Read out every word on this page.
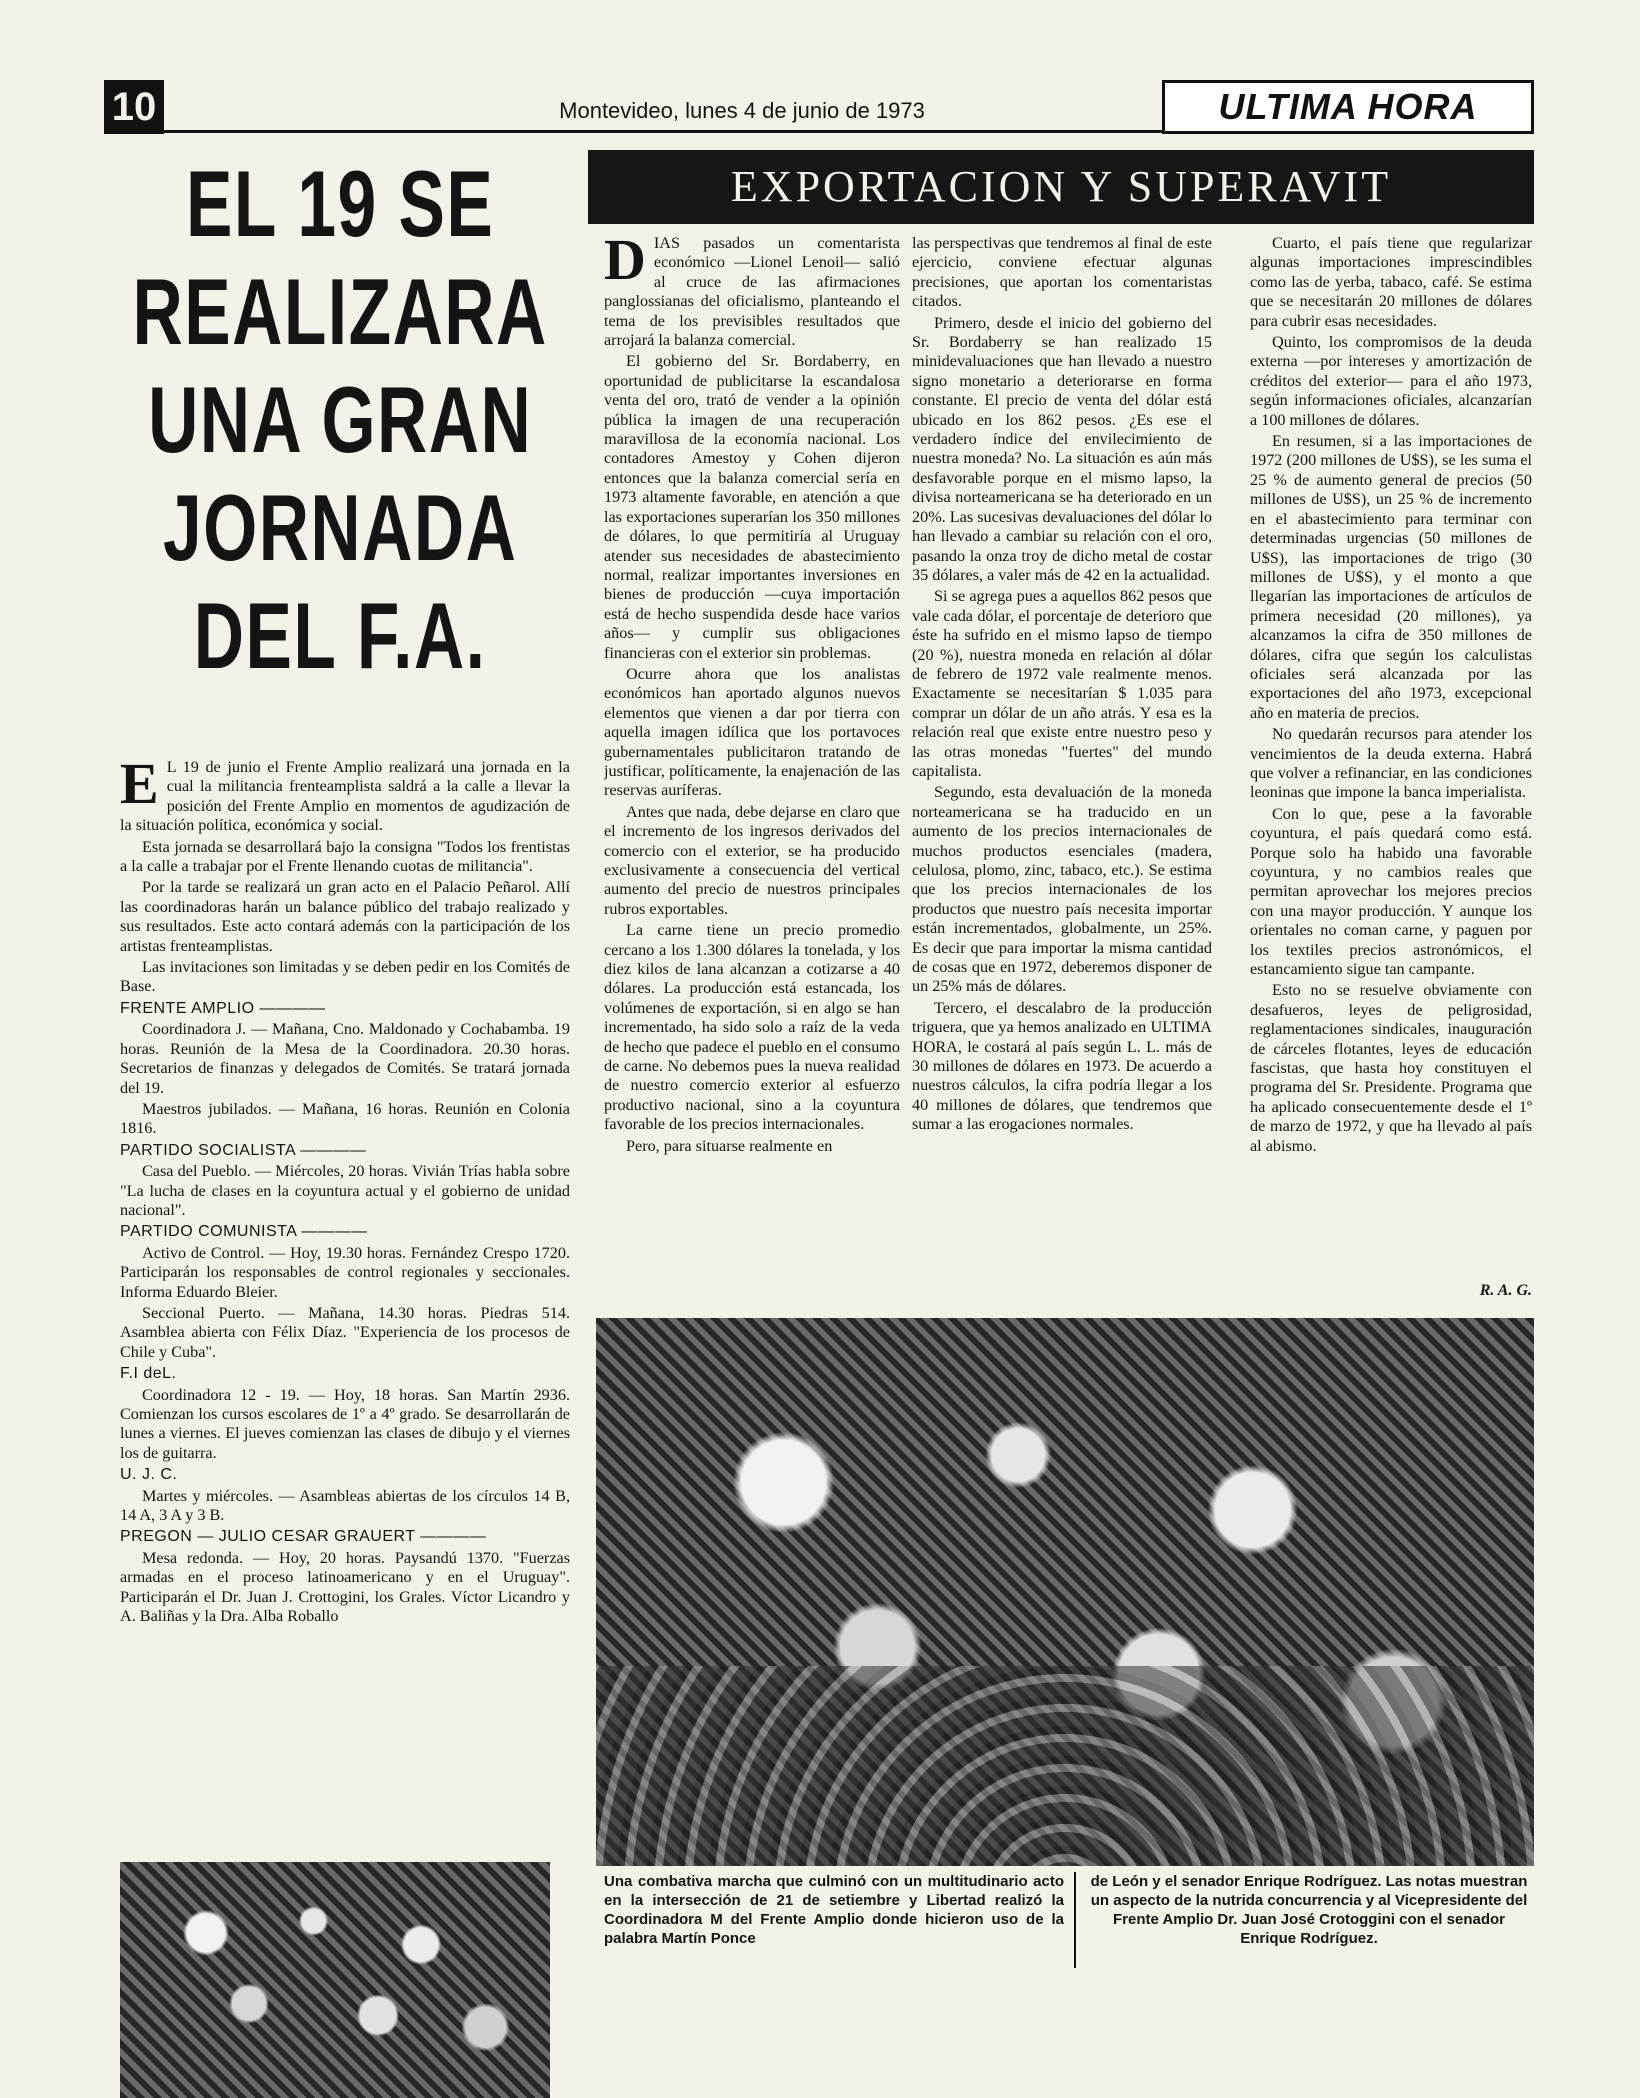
10	Montevideo, lunes 4 de junio de 1973	ULTIMA HORA
EL 19 SE REALIZARA UNA GRAN JORNADA DEL F.A.
E L 19 de junio el Frente Amplio realizará una jornada en la cual la militancia frenteamplista saldrá a la calle a llevar la posición del Frente Amplio en momentos de agudización de la situación política, económica y social.

Esta jornada se desarrollará bajo la consigna "Todos los frentistas a la calle a trabajar por el Frente llenando cuotas de militancia".

Por la tarde se realizará un gran acto en el Palacio Peñarol. Allí las coordinadoras harán un balance público del trabajo realizado y sus resultados. Este acto contará además con la participación de los artistas frenteamplistas.

Las invitaciones son limitadas y se deben pedir en los Comités de Base.

FRENTE AMPLIO ————

Coordinadora J. — Mañana, Cno. Maldonado y Cochabamba. 19 horas. Reunión de la Mesa de la Coordinadora. 20.30 horas. Secretarios de finanzas y delegados de Comités. Se tratará jornada del 19.

Maestros jubilados. — Mañana, 16 horas. Reunión en Colonia 1816.

PARTIDO SOCIALISTA ————

Casa del Pueblo. — Miércoles, 20 horas. Vivián Trías habla sobre "La lucha de clases en la coyuntura actual y el gobierno de unidad nacional".

PARTIDO COMUNISTA ————

Activo de Control. — Hoy, 19.30 horas. Fernández Crespo 1720. Participarán los responsables de control regionales y seccionales. Informa Eduardo Bleier.

Seccional Puerto. — Mañana, 14.30 horas. Piedras 514. Asamblea abierta con Félix Díaz. "Experiencia de los procesos de Chile y Cuba".

F.I deL.

Coordinadora 12 - 19. — Hoy, 18 horas. San Martín 2936. Comienzan los cursos escolares de 1º a 4º grado. Se desarrollarán de lunes a viernes. El jueves comienzan las clases de dibujo y el viernes los de guitarra.

U. J. C.

Martes y miércoles. — Asambleas abiertas de los círculos 14 B, 14 A, 3 A y 3 B.

PREGON — JULIO CESAR GRAUERT ————

Mesa redonda. — Hoy, 20 horas. Paysandú 1370. "Fuerzas armadas en el proceso latinoamericano y en el Uruguay". Participarán el Dr. Juan J. Crottogini, los Grales. Víctor Licandro y A. Baliñas y la Dra. Alba Roballo

EXPORTACION Y SUPERAVIT
D IAS pasados un comentarista económico —Lionel Lenoil— salió al cruce de las afirmaciones panglossianas del oficialismo, planteando el tema de los previsibles resultados que arrojará la balanza comercial.

El gobierno del Sr. Bordaberry, en oportunidad de publicitarse la escandalosa venta del oro, trató de vender a la opinión pública la imagen de una recuperación maravillosa de la economía nacional. Los contadores Amestoy y Cohen dijeron entonces que la balanza comercial sería en 1973 altamente favorable, en atención a que las exportaciones superarían los 350 millones de dólares, lo que permitiría al Uruguay atender sus necesidades de abastecimiento normal, realizar importantes inversiones en bienes de producción —cuya importación está de hecho suspendida desde hace varios años— y cumplir sus obligaciones financieras con el exterior sin problemas.

Ocurre ahora que los analistas económicos han aportado algunos nuevos elementos que vienen a dar por tierra con aquella imagen idílica que los portavoces gubernamentales publicitaron tratando de justificar, políticamente, la enajenación de las reservas auríferas.

Antes que nada, debe dejarse en claro que el incremento de los ingresos derivados del comercio con el exterior, se ha producido exclusivamente a consecuencia del vertical aumento del precio de nuestros principales rubros exportables.

La carne tiene un precio promedio cercano a los 1.300 dólares la tonelada, y los diez kilos de lana alcanzan a cotizarse a 40 dólares. La producción está estancada, los volúmenes de exportación, si en algo se han incrementado, ha sido solo a raíz de la veda de hecho que padece el pueblo en el consumo de carne. No debemos pues la nueva realidad de nuestro comercio exterior al esfuerzo productivo nacional, sino a la coyuntura favorable de los precios internacionales.

Pero, para situarse realmente en

las perspectivas que tendremos al final de este ejercicio, conviene efectuar algunas precisiones, que aportan los comentaristas citados.

Primero, desde el inicio del gobierno del Sr. Bordaberry se han realizado 15 minidevaluaciones que han llevado a nuestro signo monetario a deteriorarse en forma constante. El precio de venta del dólar está ubicado en los 862 pesos. ¿Es ese el verdadero índice del envilecimiento de nuestra moneda? No. La situación es aún más desfavorable porque en el mismo lapso, la divisa norteamericana se ha deteriorado en un 20%. Las sucesivas devaluaciones del dólar lo han llevado a cambiar su relación con el oro, pasando la onza troy de dicho metal de costar 35 dólares, a valer más de 42 en la actualidad.

Si se agrega pues a aquellos 862 pesos que vale cada dólar, el porcentaje de deterioro que éste ha sufrido en el mismo lapso de tiempo (20 %), nuestra moneda en relación al dólar de febrero de 1972 vale realmente menos. Exactamente se necesitarían $ 1.035 para comprar un dólar de un año atrás. Y esa es la relación real que existe entre nuestro peso y las otras monedas "fuertes" del mundo capitalista.

Segundo, esta devaluación de la moneda norteamericana se ha traducido en un aumento de los precios internacionales de muchos productos esenciales (madera, celulosa, plomo, zinc, tabaco, etc.). Se estima que los precios internacionales de los productos que nuestro país necesita importar están incrementados, globalmente, un 25%. Es decir que para importar la misma cantidad de cosas que en 1972, deberemos disponer de un 25% más de dólares.

Tercero, el descalabro de la producción triguera, que ya hemos analizado en ULTIMA HORA, le costará al país según L. L. más de 30 millones de dólares en 1973. De acuerdo a nuestros cálculos, la cifra podría llegar a los 40 millones de dólares, que tendremos que sumar a las erogaciones normales.

Cuarto, el país tiene que regularizar algunas importaciones imprescindibles como las de yerba, tabaco, café. Se estima que se necesitarán 20 millones de dólares para cubrir esas necesidades.

Quinto, los compromisos de la deuda externa —por intereses y amortización de créditos del exterior— para el año 1973, según informaciones oficiales, alcanzarían a 100 millones de dólares.

En resumen, si a las importaciones de 1972 (200 millones de U$S), se les suma el 25 % de aumento general de precios (50 millones de U$S), un 25 % de incremento en el abastecimiento para terminar con determinadas urgencias (50 millones de U$S), las importaciones de trigo (30 millones de U$S), y el monto a que llegarían las importaciones de artículos de primera necesidad (20 millones), ya alcanzamos la cifra de 350 millones de dólares, cifra que según los calculistas oficiales será alcanzada por las exportaciones del año 1973, excepcional año en materia de precios.

No quedarán recursos para atender los vencimientos de la deuda externa. Habrá que volver a refinanciar, en las condiciones leoninas que impone la banca imperialista.

Con lo que, pese a la favorable coyuntura, el país quedará como está. Porque solo ha habido una favorable coyuntura, y no cambios reales que permitan aprovechar los mejores precios con una mayor producción. Y aunque los orientales no coman carne, y paguen por los textiles precios astronómicos, el estancamiento sigue tan campante.

Esto no se resuelve obviamente con desafueros, leyes de peligrosidad, reglamentaciones sindicales, inauguración de cárceles flotantes, leyes de educación fascistas, que hasta hoy constituyen el programa del Sr. Presidente. Programa que ha aplicado consecuentemente desde el 1º de marzo de 1972, y que ha llevado al país al abismo.

R. A. G.
Una combativa marcha que culminó con un multitudinario acto en la intersección de 21 de setiembre y Libertad realizó la Coordinadora M del Frente Amplio donde hicieron uso de la palabra Martín Ponce
de León y el senador Enrique Rodríguez. Las notas muestran un aspecto de la nutrida concurrencia y al Vicepresidente del Frente Amplio Dr. Juan José Crotoggini con el senador Enrique Rodríguez.
